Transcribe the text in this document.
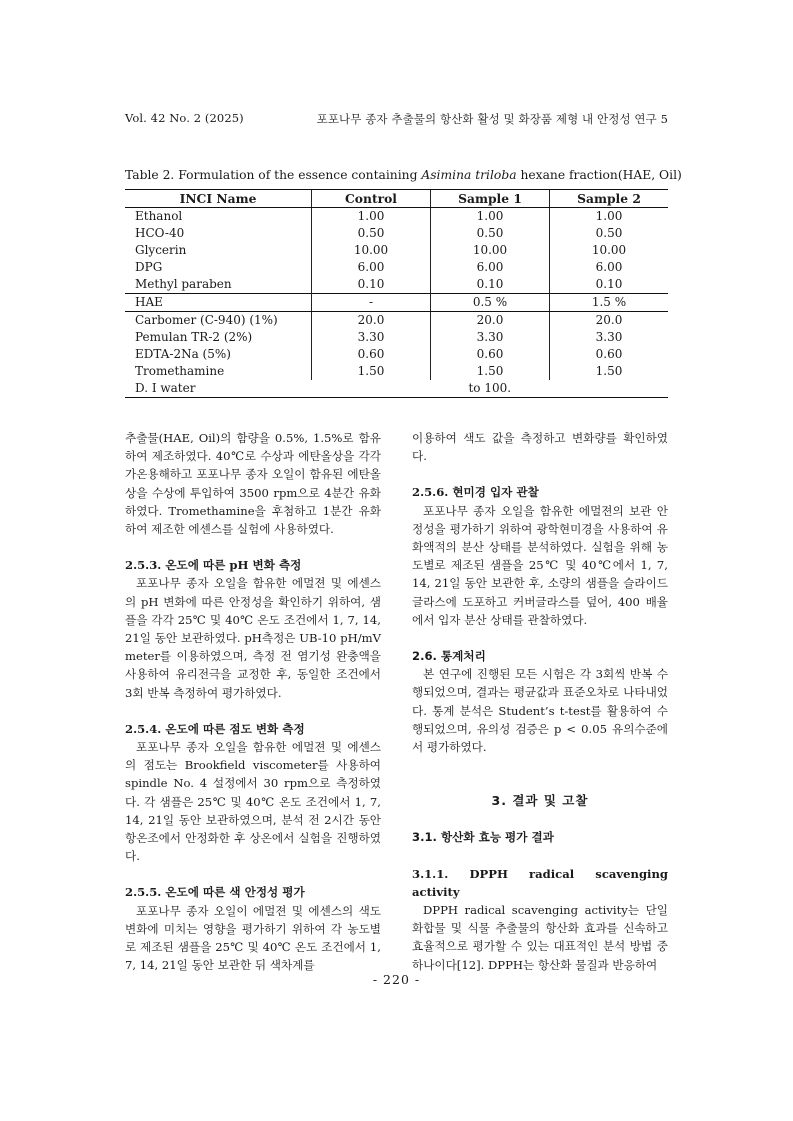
Vol. 42 No. 2 (2025)	포포나무 종자 추출물의 항산화 활성 및 화장품 제형 내 안정성 연구 5
Table 2. Formulation of the essence containing Asimina triloba hexane fraction(HAE, Oil)
INCI Name	Control	Sample 1	Sample 2
Ethanol	1.00	1.00	1.00
HCO-40	0.50	0.50	0.50
Glycerin	10.00	10.00	10.00
DPG	6.00	6.00	6.00
Methyl paraben	0.10	0.10	0.10
HAE	-	0.5 %	1.5 %
Carbomer (C-940) (1%)	20.0	20.0	20.0
Pemulan TR-2 (2%)	3.30	3.30	3.30
EDTA-2Na (5%)	0.60	0.60	0.60
Tromethamine	1.50	1.50	1.50
D. I water	to 100.		

추출물(HAE, Oil)의 함량을 0.5%, 1.5%로 함유하여 제조하였다. 40℃로 수상과 에탄올상을 각각 가온용해하고 포포나무 종자 오일이 함유된 에탄올상을 수상에 투입하여 3500 rpm으로 4분간 유화하였다. Tromethamine을 후첨하고 1분간 유화하여 제조한 에센스를 실험에 사용하였다.

2.5.3. 온도에 따른 pH 변화 측정

포포나무 종자 오일을 함유한 에멀젼 및 에센스의 pH 변화에 따른 안정성을 확인하기 위하여, 샘플을 각각 25℃ 및 40℃ 온도 조건에서 1, 7, 14, 21일 동안 보관하였다. pH측정은 UB-10 pH/mV meter를 이용하였으며, 측정 전 염기성 완충액을 사용하여 유리전극을 교정한 후, 동일한 조건에서 3회 반복 측정하여 평가하였다.

2.5.4. 온도에 따른 점도 변화 측정

포포나무 종자 오일을 함유한 에멀젼 및 에센스의 점도는 Brookfield viscometer를 사용하여 spindle No. 4 설정에서 30 rpm으로 측정하였다. 각 샘플은 25℃ 및 40℃ 온도 조건에서 1, 7, 14, 21일 동안 보관하였으며, 분석 전 2시간 동안 항온조에서 안정화한 후 상온에서 실험을 진행하였다.

2.5.5. 온도에 따른 색 안정성 평가

포포나무 종자 오일이 에멀젼 및 에센스의 색도 변화에 미치는 영향을 평가하기 위하여 각 농도별로 제조된 샘플을 25℃ 및 40℃ 온도 조건에서 1, 7, 14, 21일 동안 보관한 뒤 색차계를

이용하여 색도 값을 측정하고 변화량를 확인하였다.

2.5.6. 현미경 입자 관찰

포포나무 종자 오일을 함유한 에멀젼의 보관 안정성을 평가하기 위하여 광학현미경을 사용하여 유화액적의 분산 상태를 분석하였다. 실험을 위해 농도별로 제조된 샘플을 25℃ 및 40℃에서 1, 7, 14, 21일 동안 보관한 후, 소량의 샘플을 슬라이드 글라스에 도포하고 커버글라스를 덮어, 400 배율에서 입자 분산 상태를 관찰하였다.

2.6. 통계처리

본 연구에 진행된 모든 시험은 각 3회씩 반복 수행되었으며, 결과는 평균값과 표준오차로 나타내었다. 통계 분석은 Student’s t-test를 활용하여 수행되었으며, 유의성 검증은 p < 0.05 유의수준에서 평가하였다.

3. 결과 및 고찰

3.1. 항산화 효능 평가 결과

3.1.1. DPPH radical scavenging activity

DPPH radical scavenging activity는 단일 화합물 및 식물 추출물의 항산화 효과를 신속하고 효율적으로 평가할 수 있는 대표적인 분석 방법 중 하나이다[12]. DPPH는 항산화 물질과 반응하여

- 220 -
